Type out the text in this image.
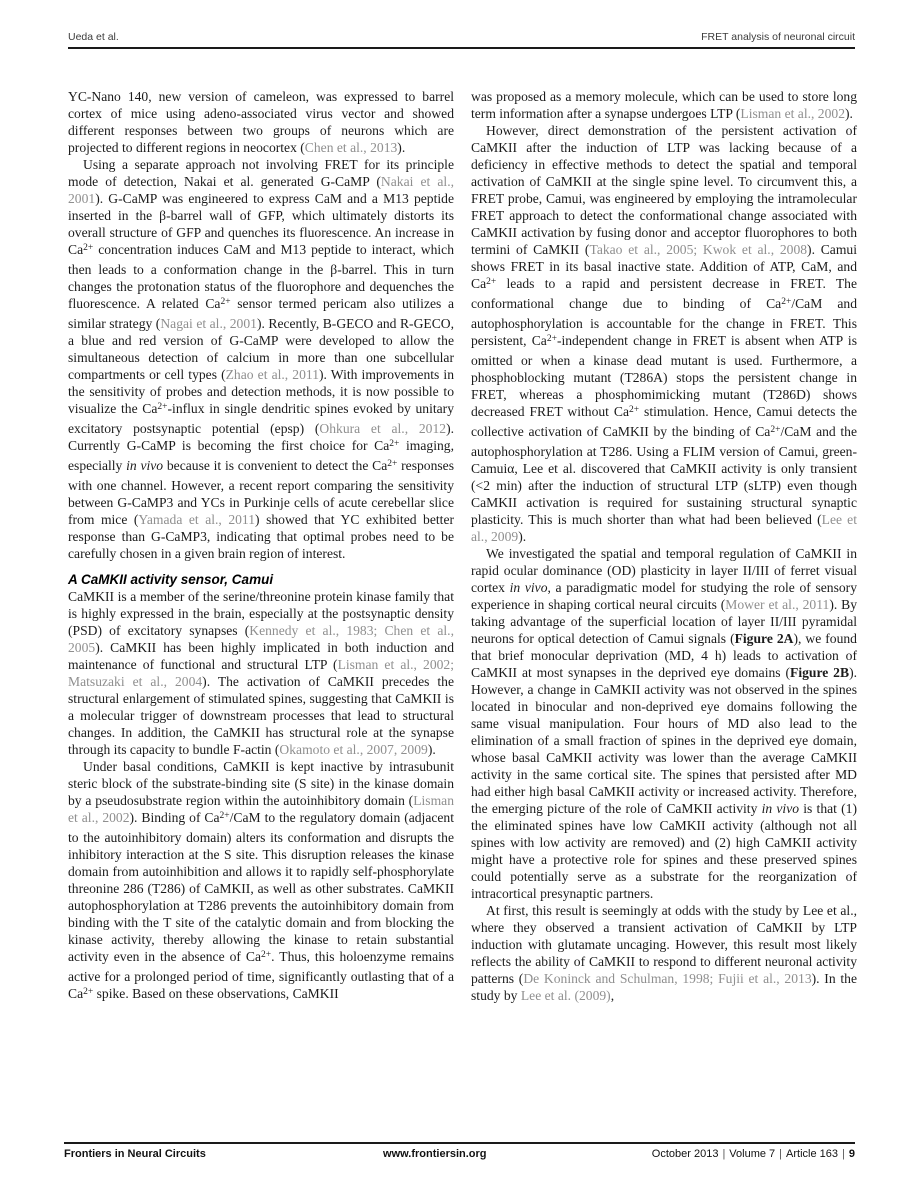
Ueda et al.	FRET analysis of neuronal circuit

YC-Nano 140, new version of cameleon, was expressed to barrel cortex of mice using adeno-associated virus vector and showed different responses between two groups of neurons which are projected to different regions in neocortex (Chen et al., 2013).

Using a separate approach not involving FRET for its principle mode of detection, Nakai et al. generated G-CaMP (Nakai et al., 2001). G-CaMP was engineered to express CaM and a M13 peptide inserted in the β-barrel wall of GFP, which ultimately distorts its overall structure of GFP and quenches its fluorescence. An increase in $Ca^{2+}$ concentration induces CaM and M13 peptide to interact, which then leads to a conformation change in the β-barrel. This in turn changes the protonation status of the fluorophore and dequenches the fluorescence. A related $Ca^{2+}$ sensor termed pericam also utilizes a similar strategy (Nagai et al., 2001). Recently, B-GECO and R-GECO, a blue and red version of G-CaMP were developed to allow the simultaneous detection of calcium in more than one subcellular compartments or cell types (Zhao et al., 2011). With improvements in the sensitivity of probes and detection methods, it is now possible to visualize the $Ca^{2+}$-influx in single dendritic spines evoked by unitary excitatory postsynaptic potential (epsp) (Ohkura et al., 2012). Currently G-CaMP is becoming the first choice for $Ca^{2+}$ imaging, especially in vivo because it is convenient to detect the $Ca^{2+}$ responses with one channel. However, a recent report comparing the sensitivity between G-CaMP3 and YCs in Purkinje cells of acute cerebellar slice from mice (Yamada et al., 2011) showed that YC exhibited better response than G-CaMP3, indicating that optimal probes need to be carefully chosen in a given brain region of interest.

A CaMKII activity sensor, Camui

CaMKII is a member of the serine/threonine protein kinase family that is highly expressed in the brain, especially at the postsynaptic density (PSD) of excitatory synapses (Kennedy et al., 1983; Chen et al., 2005). CaMKII has been highly implicated in both induction and maintenance of functional and structural LTP (Lisman et al., 2002; Matsuzaki et al., 2004). The activation of CaMKII precedes the structural enlargement of stimulated spines, suggesting that CaMKII is a molecular trigger of downstream processes that lead to structural changes. In addition, the CaMKII has structural role at the synapse through its capacity to bundle F-actin (Okamoto et al., 2007, 2009).

Under basal conditions, CaMKII is kept inactive by intrasubunit steric block of the substrate-binding site (S site) in the kinase domain by a pseudosubstrate region within the autoinhibitory domain (Lisman et al., 2002). Binding of $Ca^{2+}$/CaM to the regulatory domain (adjacent to the autoinhibitory domain) alters its conformation and disrupts the inhibitory interaction at the S site. This disruption releases the kinase domain from autoinhibition and allows it to rapidly self-phosphorylate threonine 286 (T286) of CaMKII, as well as other substrates. CaMKII autophosphorylation at T286 prevents the autoinhibitory domain from binding with the T site of the catalytic domain and from blocking the kinase activity, thereby allowing the kinase to retain substantial activity even in the absence of $Ca^{2+}$. Thus, this holoenzyme remains active for a prolonged period of time, significantly outlasting that of a $Ca^{2+}$ spike. Based on these observations, CaMKII

was proposed as a memory molecule, which can be used to store long term information after a synapse undergoes LTP (Lisman et al., 2002).

However, direct demonstration of the persistent activation of CaMKII after the induction of LTP was lacking because of a deficiency in effective methods to detect the spatial and temporal activation of CaMKII at the single spine level. To circumvent this, a FRET probe, Camui, was engineered by employing the intramolecular FRET approach to detect the conformational change associated with CaMKII activation by fusing donor and acceptor fluorophores to both termini of CaMKII (Takao et al., 2005; Kwok et al., 2008). Camui shows FRET in its basal inactive state. Addition of ATP, CaM, and $Ca^{2+}$ leads to a rapid and persistent decrease in FRET. The conformational change due to binding of $Ca^{2+}$/CaM and autophosphorylation is accountable for the change in FRET. This persistent, $Ca^{2+}$-independent change in FRET is absent when ATP is omitted or when a kinase dead mutant is used. Furthermore, a phosphoblocking mutant (T286A) stops the persistent change in FRET, whereas a phosphomimicking mutant (T286D) shows decreased FRET without $Ca^{2+}$ stimulation. Hence, Camui detects the collective activation of CaMKII by the binding of $Ca^{2+}$/CaM and the autophosphorylation at T286. Using a FLIM version of Camui, green-Camuiα, Lee et al. discovered that CaMKII activity is only transient (<2 min) after the induction of structural LTP (sLTP) even though CaMKII activation is required for sustaining structural synaptic plasticity. This is much shorter than what had been believed (Lee et al., 2009).

We investigated the spatial and temporal regulation of CaMKII in rapid ocular dominance (OD) plasticity in layer II/III of ferret visual cortex in vivo, a paradigmatic model for studying the role of sensory experience in shaping cortical neural circuits (Mower et al., 2011). By taking advantage of the superficial location of layer II/III pyramidal neurons for optical detection of Camui signals (Figure 2A), we found that brief monocular deprivation (MD, 4 h) leads to activation of CaMKII at most synapses in the deprived eye domains (Figure 2B). However, a change in CaMKII activity was not observed in the spines located in binocular and non-deprived eye domains following the same visual manipulation. Four hours of MD also lead to the elimination of a small fraction of spines in the deprived eye domain, whose basal CaMKII activity was lower than the average CaMKII activity in the same cortical site. The spines that persisted after MD had either high basal CaMKII activity or increased activity. Therefore, the emerging picture of the role of CaMKII activity in vivo is that (1) the eliminated spines have low CaMKII activity (although not all spines with low activity are removed) and (2) high CaMKII activity might have a protective role for spines and these preserved spines could potentially serve as a substrate for the reorganization of intracortical presynaptic partners.

At first, this result is seemingly at odds with the study by Lee et al., where they observed a transient activation of CaMKII by LTP induction with glutamate uncaging. However, this result most likely reflects the ability of CaMKII to respond to different neuronal activity patterns (De Koninck and Schulman, 1998; Fujii et al., 2013). In the study by Lee et al. (2009),

Frontiers in Neural Circuits	www.frontiersin.org	October 2013 | Volume 7 | Article 163 | 9
